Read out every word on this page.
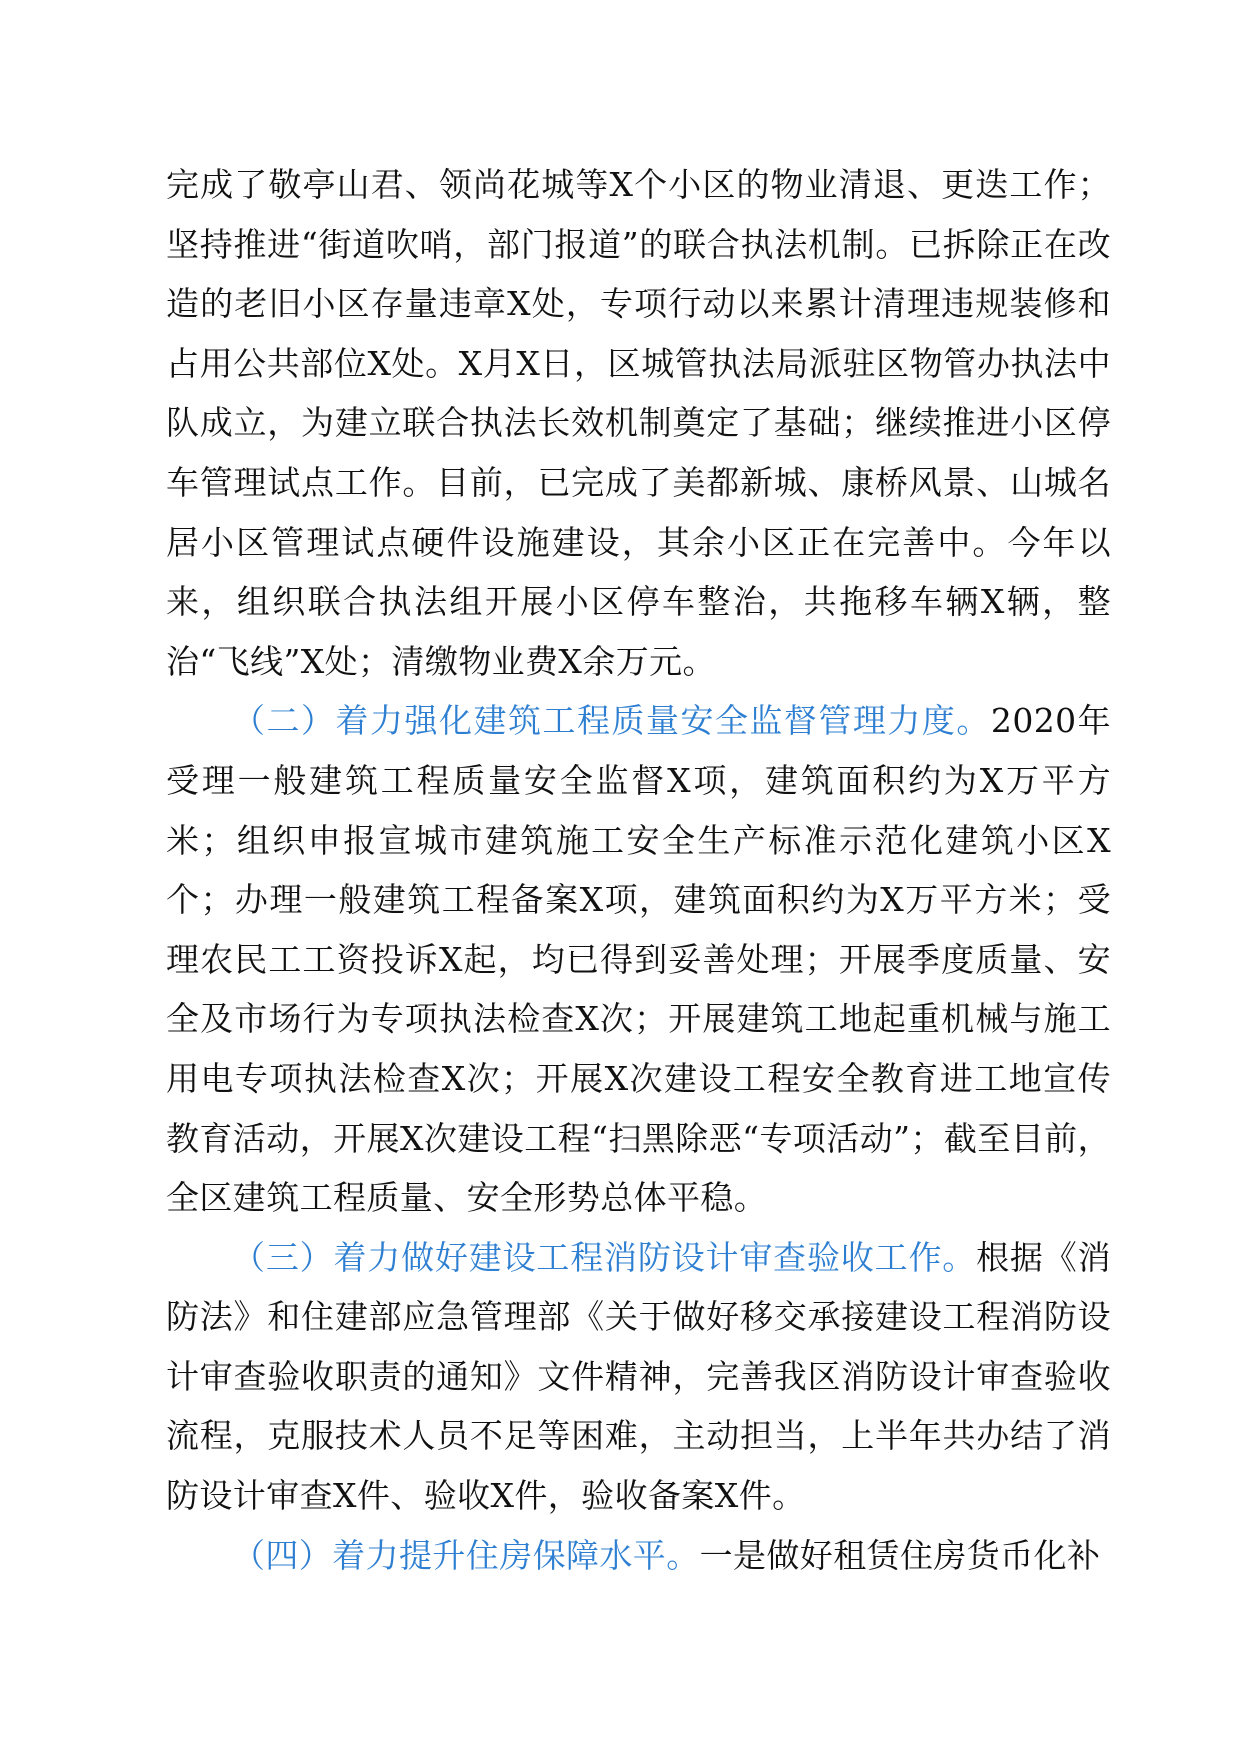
完成了敬亭山君、领尚花城等X个小区的物业清退、更迭工作；坚持推进“街道吹哨，部门报道”的联合执法机制。已拆除正在改造的老旧小区存量违章X处，专项行动以来累计清理违规装修和占用公共部位X处。X月X日，区城管执法局派驻区物管办执法中队成立，为建立联合执法长效机制奠定了基础；继续推进小区停车管理试点工作。目前，已完成了美都新城、康桥风景、山城名居小区管理试点硬件设施建设，其余小区正在完善中。今年以来，组织联合执法组开展小区停车整治，共拖移车辆X辆，整治“飞线”X处；清缴物业费X余万元。

（二）着力强化建筑工程质量安全监督管理力度。2020年受理一般建筑工程质量安全监督X项，建筑面积约为X万平方米；组织申报宣城市建筑施工安全生产标准示范化建筑小区X个；办理一般建筑工程备案X项，建筑面积约为X万平方米；受理农民工工资投诉X起，均已得到妥善处理；开展季度质量、安全及市场行为专项执法检查X次；开展建筑工地起重机械与施工用电专项执法检查X次；开展X次建设工程安全教育进工地宣传教育活动，开展X次建设工程“扫黑除恶“专项活动”；截至目前，全区建筑工程质量、安全形势总体平稳。

（三）着力做好建设工程消防设计审查验收工作。根据《消防法》和住建部应急管理部《关于做好移交承接建设工程消防设计审查验收职责的通知》文件精神，完善我区消防设计审查验收流程，克服技术人员不足等困难，主动担当，上半年共办结了消防设计审查X件、验收X件，验收备案X件。

（四）着力提升住房保障水平。一是做好租赁住房货币化补
